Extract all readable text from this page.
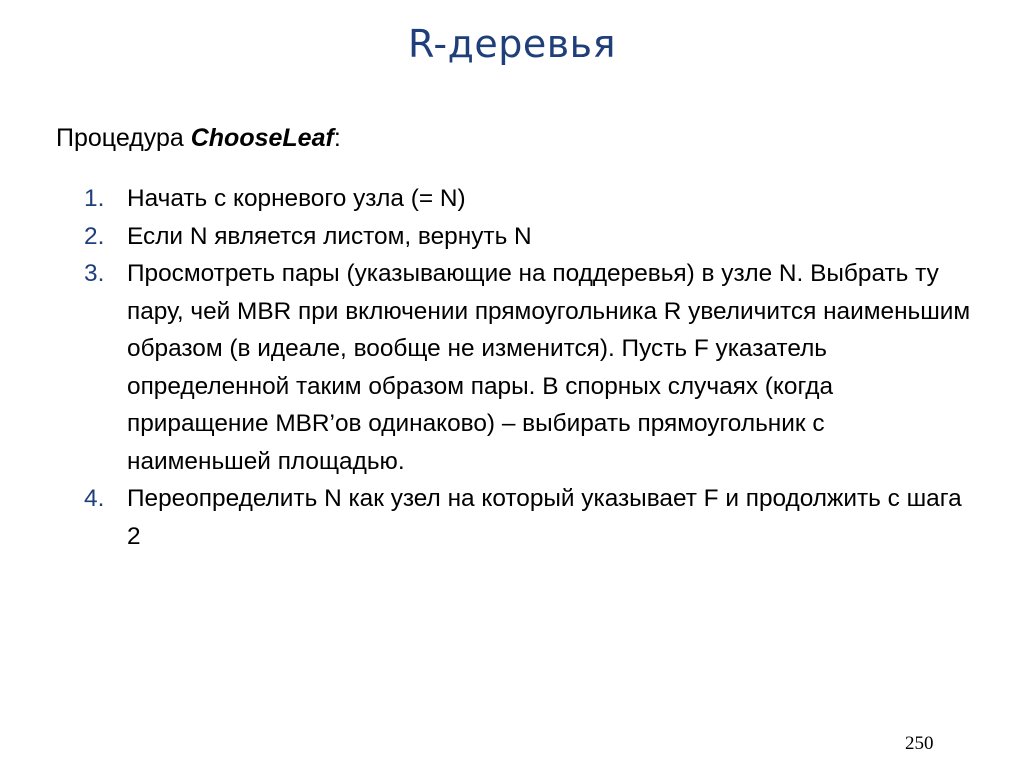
R-деревья
Процедура ChooseLeaf:
1. Начать с корневого узла (= N)
2. Если N является листом, вернуть N
3. Просмотреть пары (указывающие на поддеревья) в узле N. Выбрать ту пару, чей MBR при включении прямоугольника R увеличится наименьшим образом (в идеале, вообще не изменится). Пусть F указатель определенной таким образом пары. В спорных случаях (когда приращение MBR’ов одинаково) – выбирать прямоугольник с наименьшей площадью.
4. Переопределить N как узел на который указывает F и продолжить с шага 2
250
